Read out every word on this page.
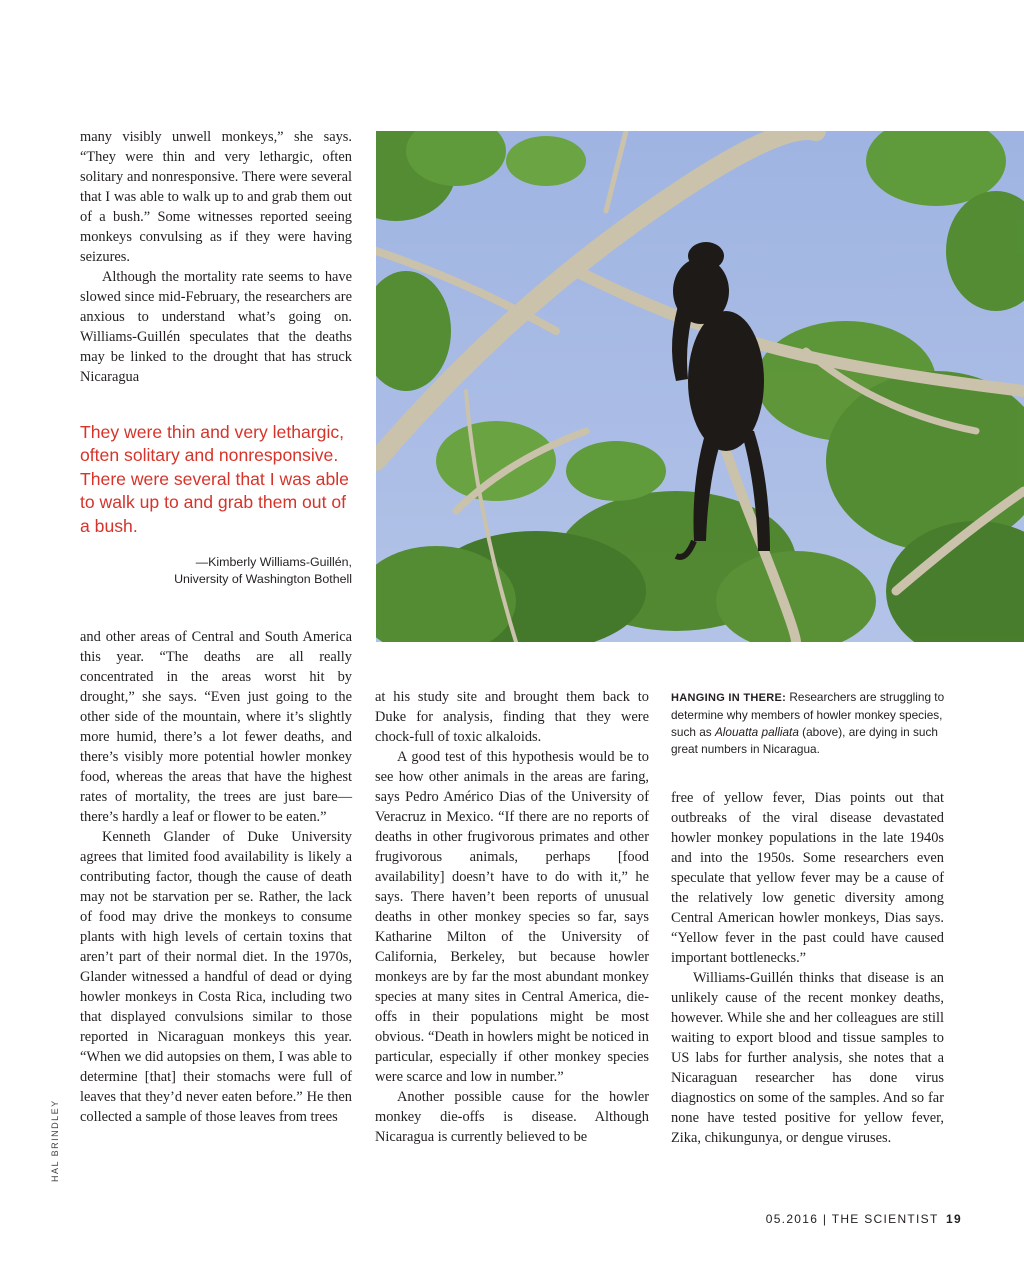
many visibly unwell monkeys,” she says. “They were thin and very lethargic, often solitary and nonresponsive. There were several that I was able to walk up to and grab them out of a bush.” Some witnesses reported seeing monkeys convulsing as if they were having seizures.

Although the mortality rate seems to have slowed since mid-February, the researchers are anxious to understand what’s going on. Williams-Guillén speculates that the deaths may be linked to the drought that has struck Nicaragua

They were thin and very lethargic, often solitary and nonresponsive. There were several that I was able to walk up to and grab them out of a bush.

—Kimberly Williams-Guillén,
University of Washington Bothell

and other areas of Central and South America this year. “The deaths are all really concentrated in the areas worst hit by drought,” she says. “Even just going to the other side of the mountain, where it’s slightly more humid, there’s a lot fewer deaths, and there’s visibly more potential howler monkey food, whereas the areas that have the highest rates of mortality, the trees are just bare—there’s hardly a leaf or flower to be eaten.”

Kenneth Glander of Duke University agrees that limited food availability is likely a contributing factor, though the cause of death may not be starvation per se. Rather, the lack of food may drive the monkeys to consume plants with high levels of certain toxins that aren’t part of their normal diet. In the 1970s, Glander witnessed a handful of dead or dying howler monkeys in Costa Rica, including two that displayed convulsions similar to those reported in Nicaraguan monkeys this year. “When we did autopsies on them, I was able to determine [that] their stomachs were full of leaves that they’d never eaten before.” He then collected a sample of those leaves from trees

at his study site and brought them back to Duke for analysis, finding that they were chock-full of toxic alkaloids.

A good test of this hypothesis would be to see how other animals in the areas are faring, says Pedro Américo Dias of the University of Veracruz in Mexico. “If there are no reports of deaths in other frugivorous primates and other frugivorous animals, perhaps [food availability] doesn’t have to do with it,” he says. There haven’t been reports of unusual deaths in other monkey species so far, says Katharine Milton of the University of California, Berkeley, but because howler monkeys are by far the most abundant monkey species at many sites in Central America, die-offs in their populations might be most obvious. “Death in howlers might be noticed in particular, especially if other monkey species were scarce and low in number.”

Another possible cause for the howler monkey die-offs is disease. Although Nicaragua is currently believed to be

HANGING IN THERE: Researchers are struggling to determine why members of howler monkey species, such as Alouatta palliata (above), are dying in such great numbers in Nicaragua.

free of yellow fever, Dias points out that outbreaks of the viral disease devastated howler monkey populations in the late 1940s and into the 1950s. Some researchers even speculate that yellow fever may be a cause of the relatively low genetic diversity among Central American howler monkeys, Dias says. “Yellow fever in the past could have caused important bottlenecks.”

Williams-Guillén thinks that disease is an unlikely cause of the recent monkey deaths, however. While she and her colleagues are still waiting to export blood and tissue samples to US labs for further analysis, she notes that a Nicaraguan researcher has done virus diagnostics on some of the samples. And so far none have tested positive for yellow fever, Zika, chikungunya, or dengue viruses.

HAL BRINDLEY
05.2016 | THE SCIENTIST 19
